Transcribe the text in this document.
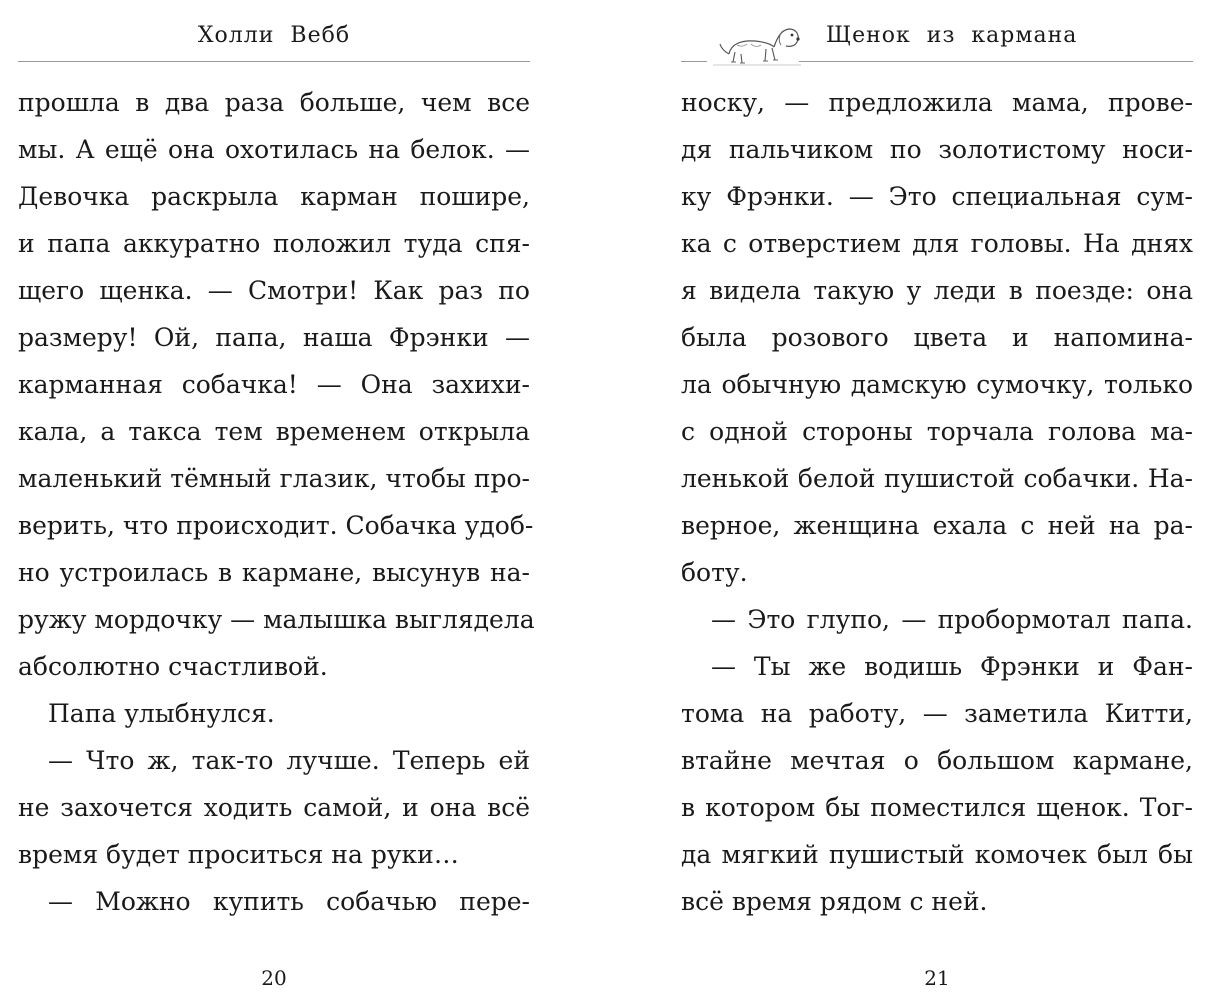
Холли Вебб
прошла в два раза больше, чем все
мы. А ещё она охотилась на белок. —
Девочка раскрыла карман пошире,
и папа аккуратно положил туда спя-
щего щенка. — Смотри! Как раз по
размеру! Ой, папа, наша Фрэнки —
карманная собачка! — Она захихи-
кала, а такса тем временем открыла
маленький тёмный глазик, чтобы про-
верить, что происходит. Собачка удоб-
но устроилась в кармане, высунув на-
ружу мордочку — малышка выглядела
абсолютно счастливой.
Папа улыбнулся.
— Что ж, так-то лучше. Теперь ей
не захочется ходить самой, и она всё
время будет проситься на руки…
— Можно купить собачью пере-
20
Щенок из кармана
носку, — предложила мама, прове-
дя пальчиком по золотистому носи-
ку Фрэнки. — Это специальная сум-
ка с отверстием для головы. На днях
я видела такую у леди в поезде: она
была розового цвета и напомина-
ла обычную дамскую сумочку, только
с одной стороны торчала голова ма-
ленькой белой пушистой собачки. На-
верное, женщина ехала с ней на ра-
боту.
— Это глупо, — пробормотал папа.
— Ты же водишь Фрэнки и Фан-
тома на работу, — заметила Китти,
втайне мечтая о большом кармане,
в котором бы поместился щенок. Тог-
да мягкий пушистый комочек был бы
всё время рядом с ней.
21
